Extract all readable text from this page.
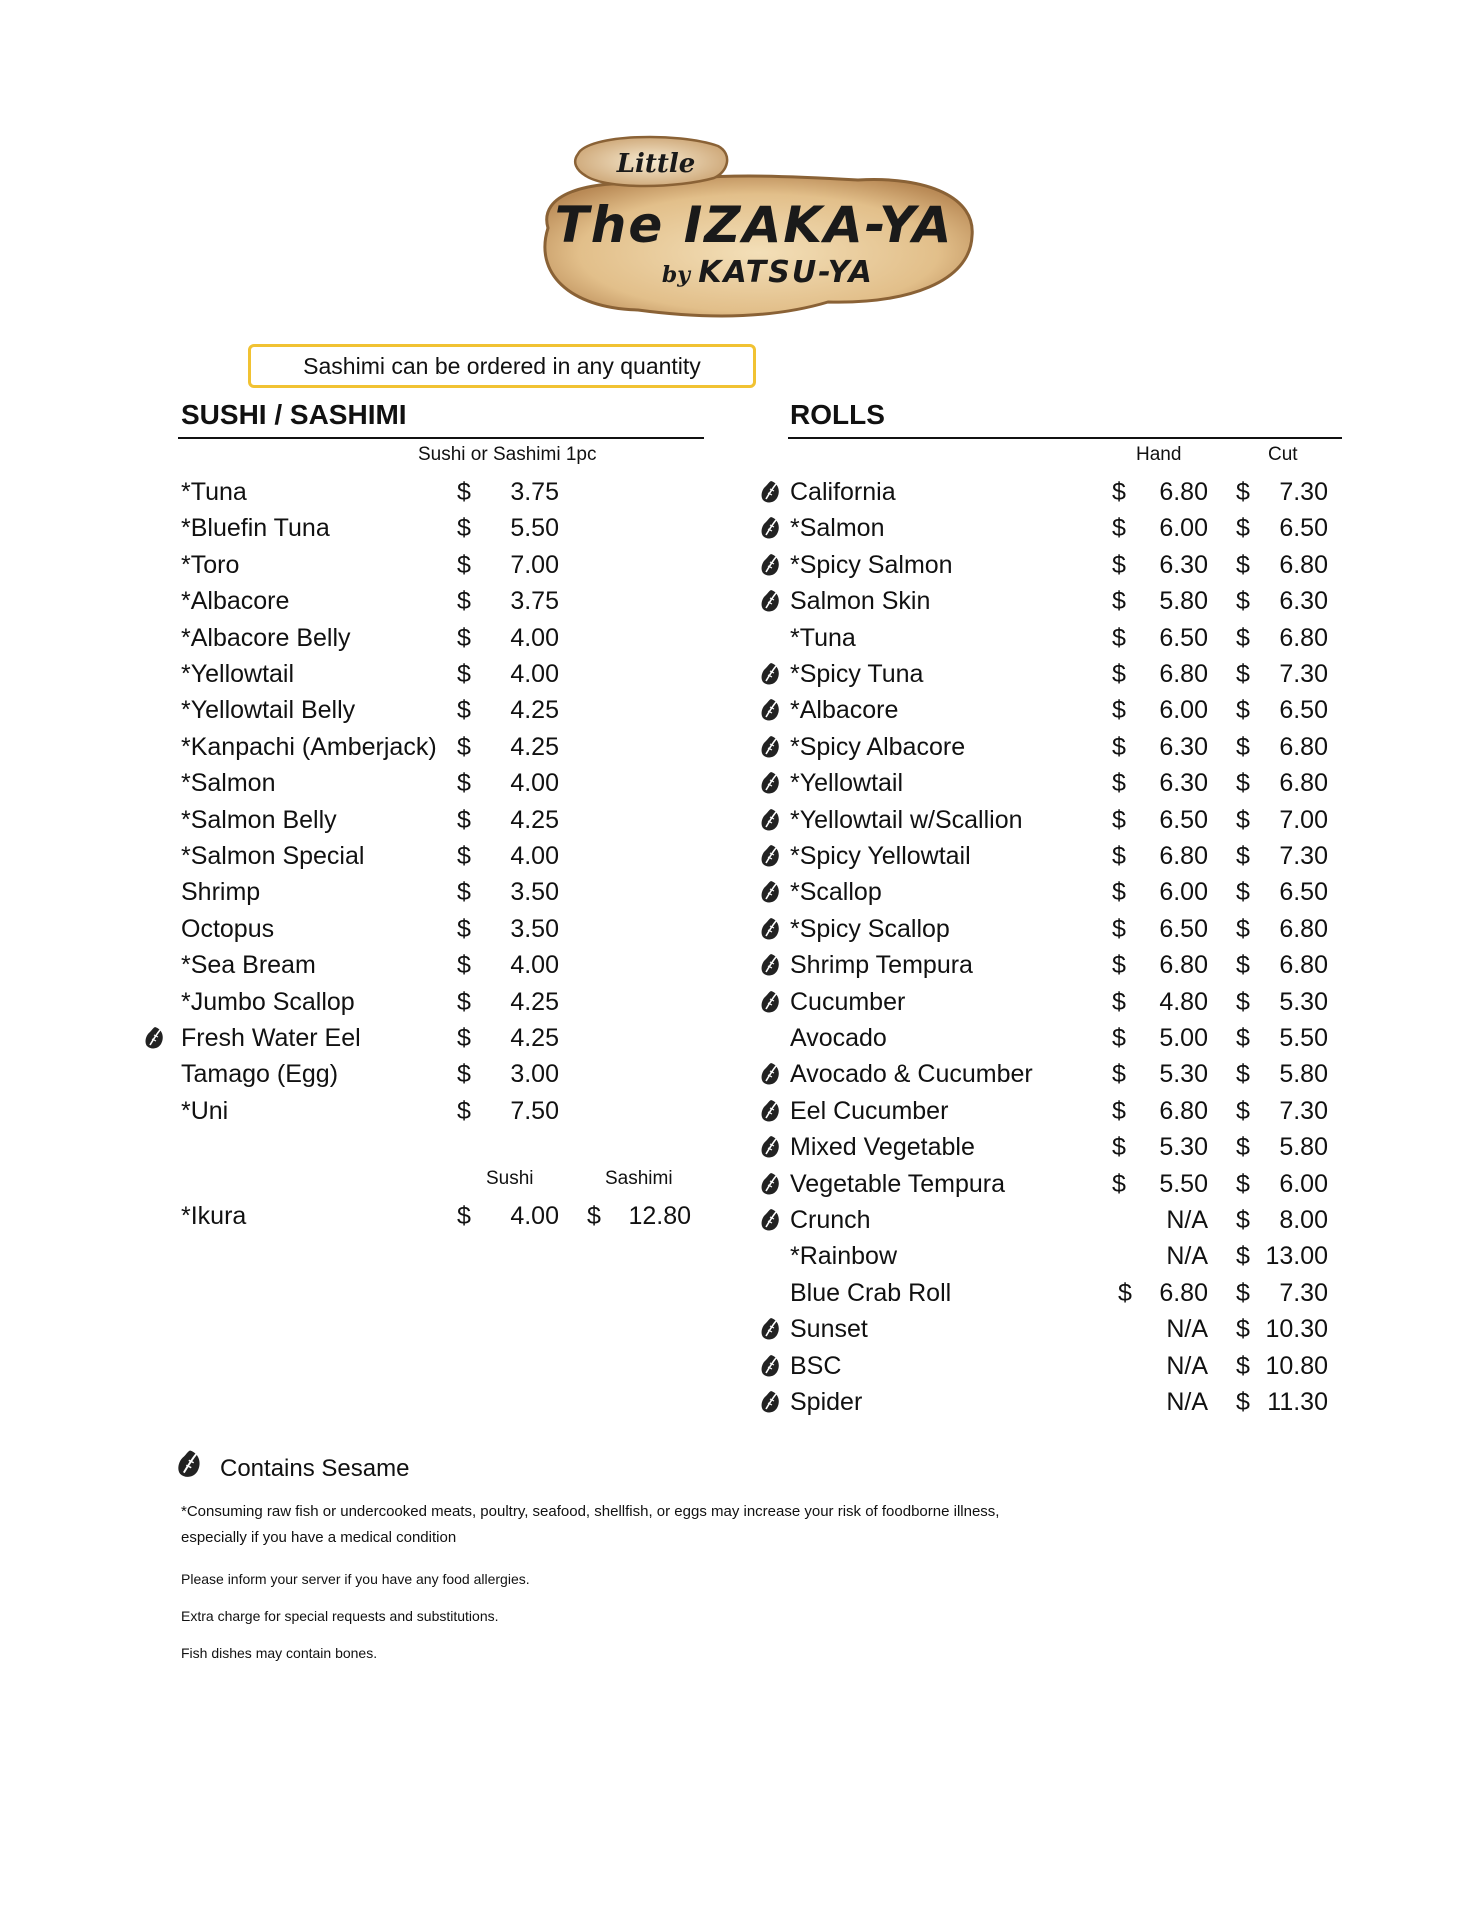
Little
The IZAKA-YA
by KATSU-YA
Sashimi can be ordered in any quantity
SUSHI / SASHIMI
Sushi or Sashimi 1pc
ROLLS
Hand	Cut
*Tuna	$	3.75
*Bluefin Tuna	$	5.50
*Toro	$	7.00
*Albacore	$	3.75
*Albacore Belly	$	4.00
*Yellowtail	$	4.00
*Yellowtail Belly	$	4.25
*Kanpachi (Amberjack) $	4.25
*Salmon	$	4.00
*Salmon Belly	$	4.25
*Salmon Special	$	4.00
Shrimp	$	3.50
Octopus	$	3.50
*Sea Bream	$	4.00
*Jumbo Scallop	$	4.25
Fresh Water Eel	$	4.25
Tamago (Egg)	$	3.00
*Uni	$	7.50
Sushi	Sashimi
*Ikura	$	4.00 $	12.80
California	$	6.80 $	7.30
*Salmon	$	6.00 $	6.50
*Spicy Salmon	$	6.30 $	6.80
Salmon Skin	$	5.80 $	6.30
*Tuna	$	6.50 $	6.80
*Spicy Tuna	$	6.80 $	7.30
*Albacore	$	6.00 $	6.50
*Spicy Albacore	$	6.30 $	6.80
*Yellowtail	$	6.30 $	6.80
*Yellowtail w/Scallion	$	6.50 $	7.00
*Spicy Yellowtail	$	6.80 $	7.30
*Scallop	$	6.00 $	6.50
*Spicy Scallop	$	6.50 $	6.80
Shrimp Tempura	$	6.80 $	6.80
Cucumber	$	4.80 $	5.30
Avocado	$	5.00 $	5.50
Avocado & Cucumber	$	5.30 $	5.80
Eel Cucumber	$	6.80 $	7.30
Mixed Vegetable	$	5.30 $	5.80
Vegetable Tempura	$	5.50 $	6.00
Crunch	N/A $	8.00
*Rainbow	N/A $ 13.00
Blue Crab Roll	$	6.80 $	7.30
Sunset	N/A $ 10.30
BSC	N/A $ 10.80
Spider	N/A $ 11.30
Contains Sesame
*Consuming raw fish or undercooked meats, poultry, seafood, shellfish, or eggs may increase your risk of foodborne illness,
especially if you have a medical condition
Please inform your server if you have any food allergies.
Extra charge for special requests and substitutions.
Fish dishes may contain bones.
